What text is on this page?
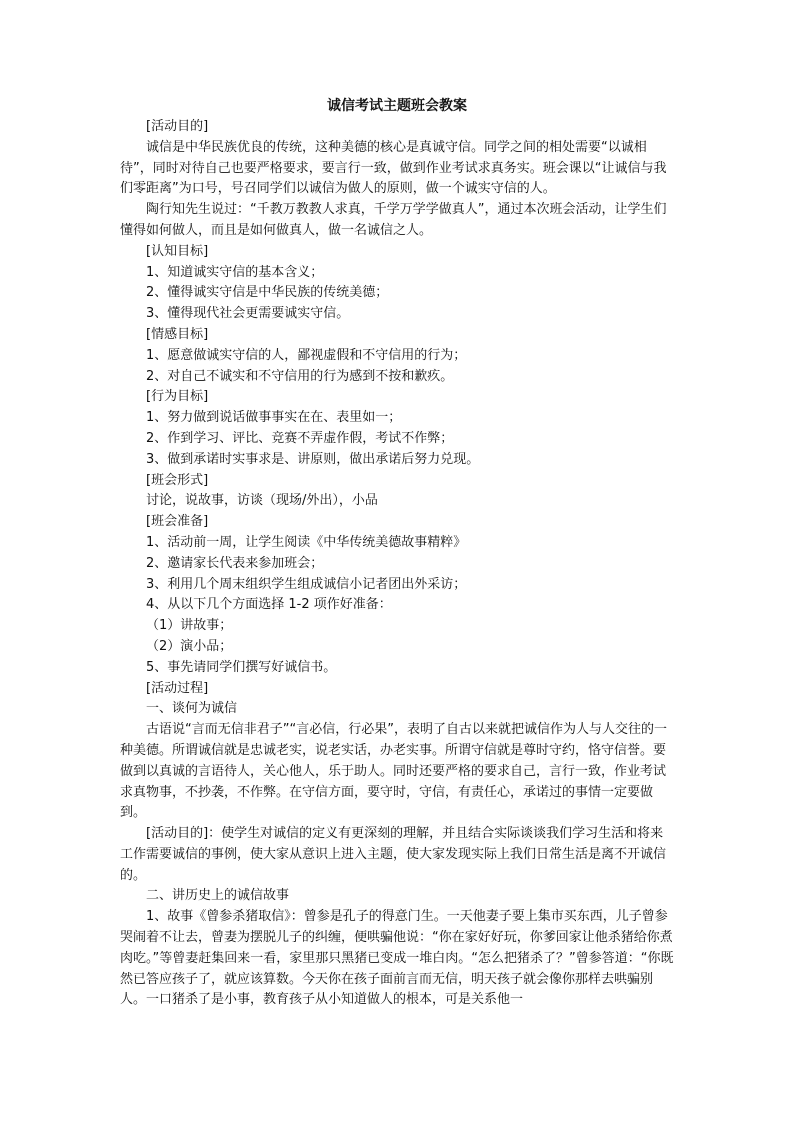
诚信考试主题班会教案

[活动目的]

诚信是中华民族优良的传统，这种美德的核心是真诚守信。同学之间的相处需要“以诚相待”，同时对待自己也要严格要求，要言行一致，做到作业考试求真务实。班会课以“让诚信与我们零距离”为口号，号召同学们以诚信为做人的原则，做一个诚实守信的人。

陶行知先生说过：“千教万教教人求真，千学万学学做真人”，通过本次班会活动，让学生们懂得如何做人，而且是如何做真人，做一名诚信之人。

[认知目标]

1、知道诚实守信的基本含义；

2、懂得诚实守信是中华民族的传统美德；

3、懂得现代社会更需要诚实守信。

[情感目标]

1、愿意做诚实守信的人，鄙视虚假和不守信用的行为；

2、对自己不诚实和不守信用的行为感到不按和歉疚。

[行为目标]

1、努力做到说话做事事实在在、表里如一；

2、作到学习、评比、竞赛不弄虚作假，考试不作弊；

3、做到承诺时实事求是、讲原则，做出承诺后努力兑现。

[班会形式]

讨论，说故事，访谈（现场/外出），小品

[班会准备]

1、活动前一周，让学生阅读《中华传统美德故事精粹》

2、邀请家长代表来参加班会；

3、利用几个周末组织学生组成诚信小记者团出外采访；

4、从以下几个方面选择 1-2 项作好准备：

（1）讲故事；

（2）演小品；

5、事先请同学们撰写好诚信书。

[活动过程]

一、谈何为诚信

古语说“言而无信非君子”“言必信，行必果”，表明了自古以来就把诚信作为人与人交往的一种美德。所谓诚信就是忠诚老实，说老实话，办老实事。所谓守信就是尊时守约，恪守信誉。要做到以真诚的言语待人，关心他人，乐于助人。同时还要严格的要求自己，言行一致，作业考试求真物事，不抄袭，不作弊。在守信方面，要守时，守信，有责任心，承诺过的事情一定要做到。

[活动目的]：使学生对诚信的定义有更深刻的理解，并且结合实际谈谈我们学习生活和将来工作需要诚信的事例，使大家从意识上进入主题，使大家发现实际上我们日常生活是离不开诚信的。

二、讲历史上的诚信故事

1、故事《曾参杀猪取信》：曾参是孔子的得意门生。一天他妻子要上集市买东西，儿子曾参哭闹着不让去，曾妻为摆脱儿子的纠缠，便哄骗他说：“你在家好好玩，你爹回家让他杀猪给你煮肉吃。”等曾妻赶集回来一看，家里那只黑猪已变成一堆白肉。“怎么把猪杀了？”曾参答道：“你既然已答应孩子了，就应该算数。今天你在孩子面前言而无信，明天孩子就会像你那样去哄骗别人。一口猪杀了是小事，教育孩子从小知道做人的根本，可是关系他一
